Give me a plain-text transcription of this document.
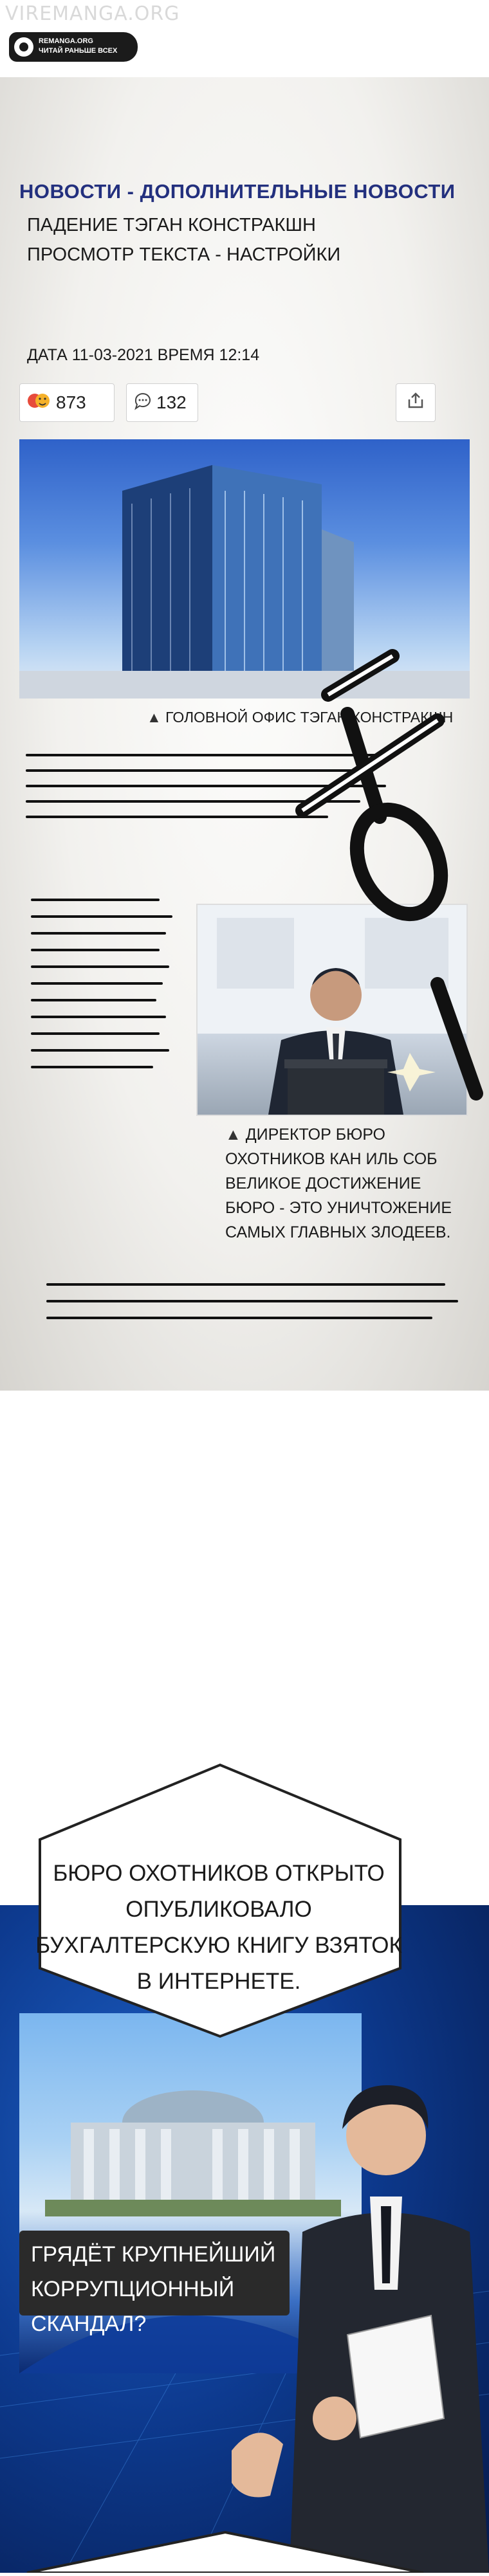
VIREMANGA.ORG
REMANGA.ORG
ЧИТАЙ РАНЬШЕ ВСЕХ
НОВОСТИ - ДОПОЛНИТЕЛЬНЫЕ НОВОСТИ
ПАДЕНИЕ ТЭГАН КОНСТРАКШН
ПРОСМОТР ТЕКСТА - НАСТРОЙКИ
ДАТА 11-03-2021 ВРЕМЯ 12:14
873	132
▲ ГОЛОВНОЙ ОФИС ТЭГАН КОНСТРАКШН
▲ ДИРЕКТОР БЮРО ОХОТНИКОВ КАН ИЛЬ СОБ ВЕЛИКОЕ ДОСТИЖЕНИЕ БЮРО - ЭТО УНИЧТОЖЕНИЕ САМЫХ ГЛАВНЫХ ЗЛОДЕЕВ.
БЮРО ОХОТНИКОВ ОТКРЫТО ОПУБЛИКОВАЛО БУХГАЛТЕРСКУЮ КНИГУ ВЗЯТОК В ИНТЕРНЕТЕ.
ГРЯДЁТ КРУПНЕЙШИЙ КОРРУПЦИОННЫЙ СКАНДАЛ?
